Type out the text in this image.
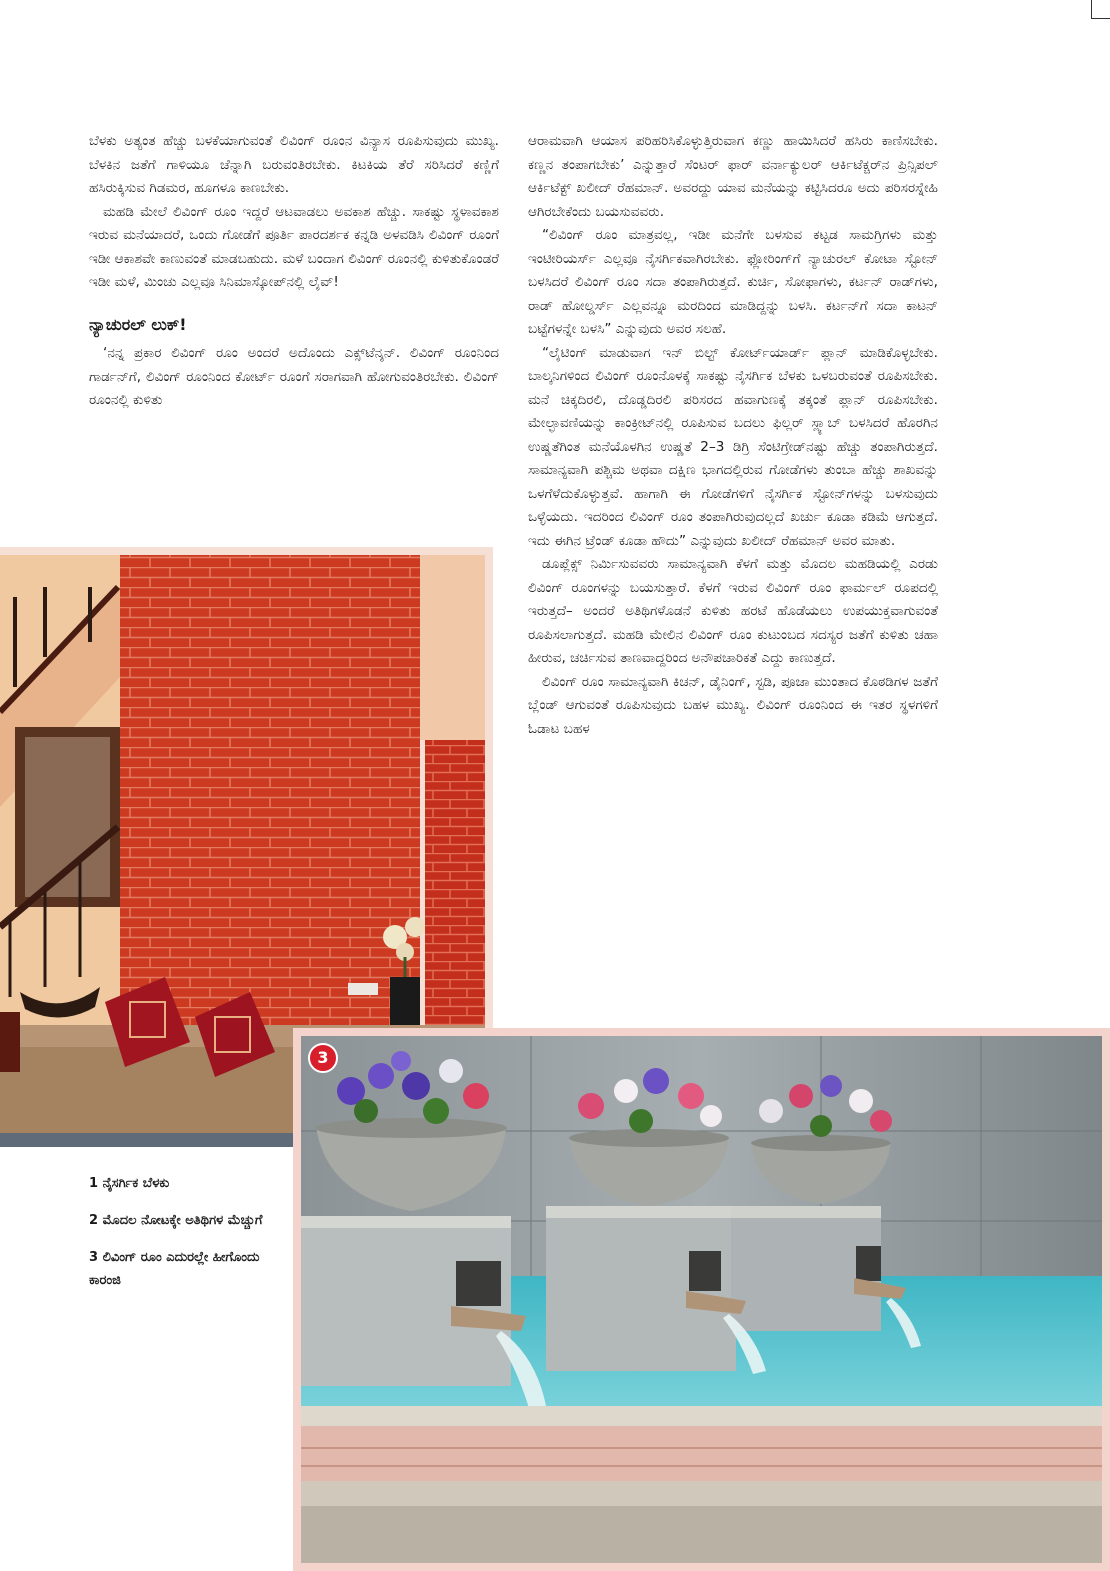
ಬೆಳಕು ಅತ್ಯಂತ ಹೆಚ್ಚು ಬಳಕೆಯಾಗುವಂತೆ ಲಿವಿಂಗ್ ರೂಂನ ವಿನ್ಯಾಸ ರೂಪಿಸುವುದು ಮುಖ್ಯ. ಬೆಳಕಿನ ಜತೆಗೆ ಗಾಳಿಯೂ ಚೆನ್ನಾಗಿ ಬರುವಂತಿರಬೇಕು. ಕಿಟಕಿಯ ತೆರೆ ಸರಿಸಿದರೆ ಕಣ್ಣಿಗೆ ಹಸಿರುಕ್ಕಿಸುವ ಗಿಡಮರ, ಹೂಗಳೂ ಕಾಣಬೇಕು.

ಮಹಡಿ ಮೇಲೆ ಲಿವಿಂಗ್ ರೂಂ ಇದ್ದರೆ ಆಟವಾಡಲು ಅವಕಾಶ ಹೆಚ್ಚು. ಸಾಕಷ್ಟು ಸ್ಥಳಾವಕಾಶ ಇರುವ ಮನೆಯಾದರೆ, ಒಂದು ಗೋಡೆಗೆ ಪೂರ್ತಿ ಪಾರದರ್ಶಕ ಕನ್ನಡಿ ಅಳವಡಿಸಿ ಲಿವಿಂಗ್ ರೂಂಗೆ ಇಡೀ ಆಕಾಶವೇ ಕಾಣುವಂತೆ ಮಾಡಬಹುದು. ಮಳೆ ಬಂದಾಗ ಲಿವಿಂಗ್ ರೂಂನಲ್ಲಿ ಕುಳಿತುಕೊಂಡರೆ ಇಡೀ ಮಳೆ, ಮಿಂಚು ಎಲ್ಲವೂ ಸಿನಿಮಾಸ್ಕೋಪ್‌ನಲ್ಲಿ ಲೈವ್!

ನ್ಯಾಚುರಲ್ ಲುಕ್!

‘ನನ್ನ ಪ್ರಕಾರ ಲಿವಿಂಗ್ ರೂಂ ಅಂದರೆ ಅದೊಂದು ಎಕ್ಸ್‌ಟೆನ್ಶನ್. ಲಿವಿಂಗ್ ರೂಂನಿಂದ ಗಾರ್ಡನ್‌ಗೆ, ಲಿವಿಂಗ್ ರೂಂನಿಂದ ಕೋರ್ಟ್ ರೂಂಗೆ ಸರಾಗವಾಗಿ ಹೋಗುವಂತಿರಬೇಕು. ಲಿವಿಂಗ್ ರೂಂನಲ್ಲಿ ಕುಳಿತು

ಆರಾಮವಾಗಿ ಆಯಾಸ ಪರಿಹರಿಸಿಕೊಳ್ಳುತ್ತಿರುವಾಗ ಕಣ್ಣು ಹಾಯಿಸಿದರೆ ಹಸಿರು ಕಾಣಿಸಬೇಕು. ಕಣ್ಣನ ತಂಪಾಗಬೇಕು’ ಎನ್ನುತ್ತಾರೆ ಸೆಂಟರ್ ಫಾರ್ ವರ್ನಾಕ್ಯುಲರ್ ಆರ್ಕಿಟೆಕ್ಚರ್‌ನ ಪ್ರಿನ್ಸಿಪಲ್ ಆರ್ಕಿಟೆಕ್ಟ್ ಖಲೀದ್ ರೆಹಮಾನ್. ಅವರದ್ದು ಯಾವ ಮನೆಯನ್ನು ಕಟ್ಟಿಸಿದರೂ ಅದು ಪರಿಸರಸ್ನೇಹಿ ಆಗಿರಬೇಕೆಂದು ಬಯಸುವವರು.

“ಲಿವಿಂಗ್ ರೂಂ ಮಾತ್ರವಲ್ಲ, ಇಡೀ ಮನೆಗೇ ಬಳಸುವ ಕಟ್ಟಡ ಸಾಮಗ್ರಿಗಳು ಮತ್ತು ಇಂಟೀರಿಯರ್ಸ್ ಎಲ್ಲವೂ ನೈಸರ್ಗಿಕವಾಗಿರಬೇಕು. ಫ್ಲೋರಿಂಗ್‌ಗೆ ನ್ಯಾಚುರಲ್ ಕೋಟಾ ಸ್ಟೋನ್ ಬಳಸಿದರೆ ಲಿವಿಂಗ್ ರೂಂ ಸದಾ ತಂಪಾಗಿರುತ್ತದೆ. ಕುರ್ಚಿ, ಸೋಫಾಗಳು, ಕರ್ಟನ್ ರಾಡ್‌ಗಳು, ರಾಡ್ ಹೋಲ್ಡರ್ಸ್ ಎಲ್ಲವನ್ನೂ ಮರದಿಂದ ಮಾಡಿದ್ದನ್ನು ಬಳಸಿ. ಕರ್ಟನ್‌ಗೆ ಸದಾ ಕಾಟನ್ ಬಟ್ಟೆಗಳನ್ನೇ ಬಳಸಿ” ಎನ್ನುವುದು ಅವರ ಸಲಹೆ.

“ಲೈಟಿಂಗ್ ಮಾಡುವಾಗ ಇನ್ ಬಿಲ್ಟ್ ಕೋರ್ಟ್‌ಯಾರ್ಡ್ ಪ್ಲಾನ್ ಮಾಡಿಕೊಳ್ಳಬೇಕು. ಬಾಲ್ಕನಿಗಳಿಂದ ಲಿವಿಂಗ್ ರೂಂನೊಳಕ್ಕೆ ಸಾಕಷ್ಟು ನೈಸರ್ಗಿಕ ಬೆಳಕು ಒಳಬರುವಂತೆ ರೂಪಿಸಬೇಕು. ಮನೆ ಚಿಕ್ಕದಿರಲಿ, ದೊಡ್ಡದಿರಲಿ ಪರಿಸರದ ಹವಾಗುಣಕ್ಕೆ ತಕ್ಕಂತೆ ಪ್ಲಾನ್ ರೂಪಿಸಬೇಕು. ಮೇಲ್ಛಾವಣಿಯನ್ನು ಕಾಂಕ್ರೀಟ್‌ನಲ್ಲಿ ರೂಪಿಸುವ ಬದಲು ಫಿಲ್ಲರ್ ಸ್ಲ್ಯಾಬ್ ಬಳಸಿದರೆ ಹೊರಗಿನ ಉಷ್ಣತೆಗಿಂತ ಮನೆಯೊಳಗಿನ ಉಷ್ಣತೆ 2–3 ಡಿಗ್ರಿ ಸೆಂಟಿಗ್ರೇಡ್‌ನಷ್ಟು ಹೆಚ್ಚು ತಂಪಾಗಿರುತ್ತದೆ. ಸಾಮಾನ್ಯವಾಗಿ ಪಶ್ಚಿಮ ಅಥವಾ ದಕ್ಷಿಣ ಭಾಗದಲ್ಲಿರುವ ಗೋಡೆಗಳು ತುಂಬಾ ಹೆಚ್ಚು ಶಾಖವನ್ನು ಒಳಗೆಳೆದುಕೊಳ್ಳುತ್ತವೆ. ಹಾಗಾಗಿ ಈ ಗೋಡೆಗಳಿಗೆ ನೈಸರ್ಗಿಕ ಸ್ಟೋನ್‌ಗಳನ್ನು ಬಳಸುವುದು ಒಳ್ಳೆಯದು. ಇದರಿಂದ ಲಿವಿಂಗ್ ರೂಂ ತಂಪಾಗಿರುವುದಲ್ಲದೆ ಖರ್ಚು ಕೂಡಾ ಕಡಿಮೆ ಆಗುತ್ತದೆ. ಇದು ಈಗಿನ ಟ್ರೆಂಡ್ ಕೂಡಾ ಹೌದು” ಎನ್ನುವುದು ಖಲೀದ್ ರೆಹಮಾನ್ ಅವರ ಮಾತು.

ಡೂಪ್ಲೆಕ್ಸ್ ನಿರ್ಮಿಸುವವರು ಸಾಮಾನ್ಯವಾಗಿ ಕೆಳಗೆ ಮತ್ತು ಮೊದಲ ಮಹಡಿಯಲ್ಲಿ ಎರಡು ಲಿವಿಂಗ್ ರೂಂಗಳನ್ನು ಬಯಸುತ್ತಾರೆ. ಕೆಳಗೆ ಇರುವ ಲಿವಿಂಗ್ ರೂಂ ಫಾರ್ಮಲ್ ರೂಪದಲ್ಲಿ ಇರುತ್ತದೆ– ಅಂದರೆ ಅತಿಥಿಗಳೊಡನೆ ಕುಳಿತು ಹರಟೆ ಹೊಡೆಯಲು ಉಪಯುಕ್ತವಾಗುವಂತೆ ರೂಪಿಸಲಾಗುತ್ತದೆ. ಮಹಡಿ ಮೇಲಿನ ಲಿವಿಂಗ್ ರೂಂ ಕುಟುಂಬದ ಸದಸ್ಯರ ಜತೆಗೆ ಕುಳಿತು ಚಹಾ ಹೀರುವ, ಚರ್ಚಿಸುವ ತಾಣವಾದ್ದರಿಂದ ಅನೌಪಚಾರಿಕತೆ ಎದ್ದು ಕಾಣುತ್ತದೆ.

ಲಿವಿಂಗ್ ರೂಂ ಸಾಮಾನ್ಯವಾಗಿ ಕಿಚನ್, ಡೈನಿಂಗ್, ಸ್ಟಡಿ, ಪೂಜಾ ಮುಂತಾದ ಕೊಠಡಿಗಳ ಜತೆಗೆ ಬ್ಲೆಂಡ್ ಆಗುವಂತೆ ರೂಪಿಸುವುದು ಬಹಳ ಮುಖ್ಯ. ಲಿವಿಂಗ್ ರೂಂನಿಂದ ಈ ಇತರ ಸ್ಥಳಗಳಿಗೆ ಓಡಾಟ ಬಹಳ

1 ನೈಸರ್ಗಿಕ ಬೆಳಕು
2 ಮೊದಲ ನೋಟಕ್ಕೇ ಅತಿಥಿಗಳ ಮೆಚ್ಚುಗೆ
3 ಲಿವಿಂಗ್ ರೂಂ ಎದುರಲ್ಲೇ ಹೀಗೊಂದು ಕಾರಂಜಿ
3
